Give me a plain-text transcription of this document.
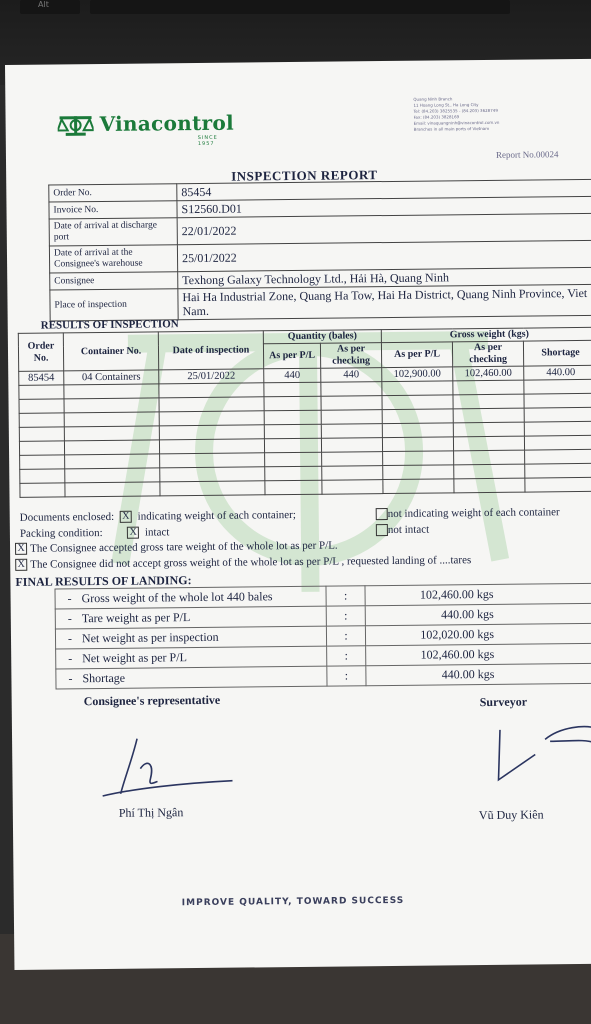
Alt
Vinacontrol
SINCE 1957
Quang Ninh Branch
11 Hoang Long St., Ha Long City
Tel: (84.203) 3825535 - (84.203) 3628749
Fax: (84.203) 3828169
Email: vinaquangninh@vinacontrol.com.vn
Branches in all main ports of Vietnam
Report No.00024
INSPECTION REPORT
Order No.	85454
Invoice No.	S12560.D01
Date of arrival at discharge port	22/01/2022
Date of arrival at the Consignee's warehouse	25/01/2022
Consignee	Texhong Galaxy Technology Ltd., Hải Hà, Quang Ninh
Place of inspection	Hai Ha Industrial Zone, Quang Ha Tow, Hai Ha District, Quang Ninh Province, Viet Nam.
RESULTS OF INSPECTION
Order No.	Container No.	Date of inspection	Quantity (bales)		Gross weight (kgs)		
			As per P/L	As per checking	As per P/L	As per checking	Shortage
85454	04 Containers	25/01/2022	440	440	102,900.00	102,460.00	440.00

Documents enclosed: X indicating weight of each container;	not indicating weight of each container
Packing condition:	X intact	not intact
X The Consignee accepted gross tare weight of the whole lot as per P/L.
X The Consignee did not accept gross weight of the whole lot as per P/L , requested landing of ....tares
FINAL RESULTS OF LANDING:
- Gross weight of the whole lot 440 bales	:	102,460.00 kgs
- Tare weight as per P/L	:	440.00 kgs
- Net weight as per inspection	:	102,020.00 kgs
- Net weight as per P/L	:	102,460.00 kgs
- Shortage	:	440.00 kgs
Consignee's representative	Surveyor
Phí Thị Ngân	Vũ Duy Kiên
IMPROVE QUALITY, TOWARD SUCCESS
